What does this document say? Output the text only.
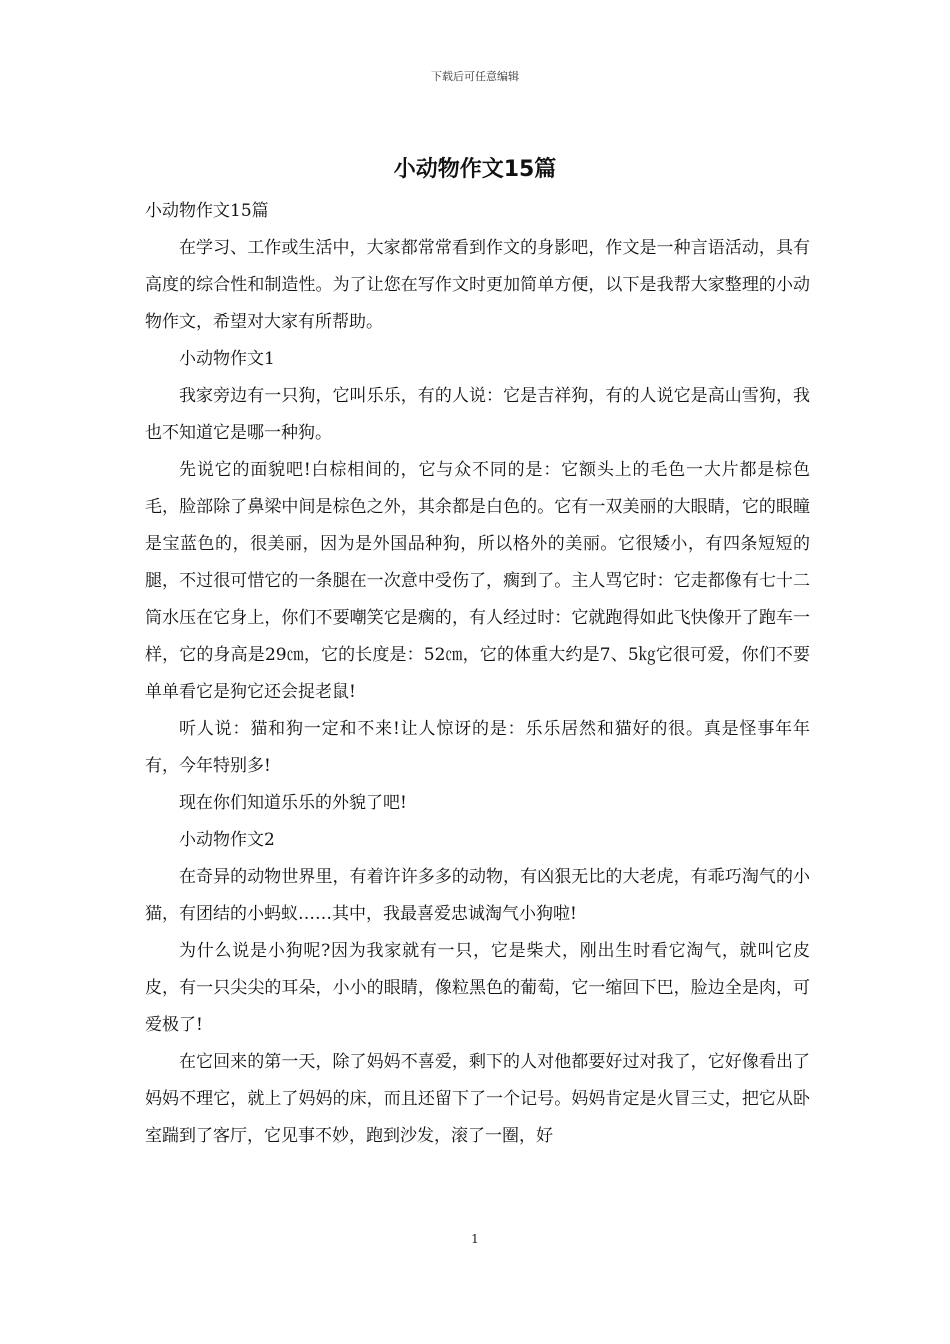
下载后可任意编辑
小动物作文15篇

小动物作文15篇

在学习、工作或生活中，大家都常常看到作文的身影吧，作文是一种言语活动，具有高度的综合性和制造性。为了让您在写作文时更加简单方便，以下是我帮大家整理的小动物作文，希望对大家有所帮助。

小动物作文1

我家旁边有一只狗，它叫乐乐，有的人说：它是吉祥狗，有的人说它是高山雪狗，我也不知道它是哪一种狗。

先说它的面貌吧!白棕相间的，它与众不同的是：它额头上的毛色一大片都是棕色毛，脸部除了鼻梁中间是棕色之外，其余都是白色的。它有一双美丽的大眼睛，它的眼瞳是宝蓝色的，很美丽，因为是外国品种狗，所以格外的美丽。它很矮小，有四条短短的腿，不过很可惜它的一条腿在一次意中受伤了，瘸到了。主人骂它时：它走都像有七十二筒水压在它身上，你们不要嘲笑它是瘸的，有人经过时：它就跑得如此飞快像开了跑车一样，它的身高是29㎝，它的长度是：52㎝，它的体重大约是7、5㎏它很可爱，你们不要单单看它是狗它还会捉老鼠!

听人说：猫和狗一定和不来!让人惊讶的是：乐乐居然和猫好的很。真是怪事年年有，今年特别多!

现在你们知道乐乐的外貌了吧!

小动物作文2

在奇异的动物世界里，有着许许多多的动物，有凶狠无比的大老虎，有乖巧淘气的小猫，有团结的小蚂蚁……其中，我最喜爱忠诚淘气小狗啦!

为什么说是小狗呢?因为我家就有一只，它是柴犬，刚出生时看它淘气，就叫它皮皮，有一只尖尖的耳朵，小小的眼睛，像粒黑色的葡萄，它一缩回下巴，脸边全是肉，可爱极了!

在它回来的第一天，除了妈妈不喜爱，剩下的人对他都要好过对我了，它好像看出了妈妈不理它，就上了妈妈的床，而且还留下了一个记号。妈妈肯定是火冒三丈，把它从卧室踹到了客厅，它见事不妙，跑到沙发，滚了一圈，好

1
